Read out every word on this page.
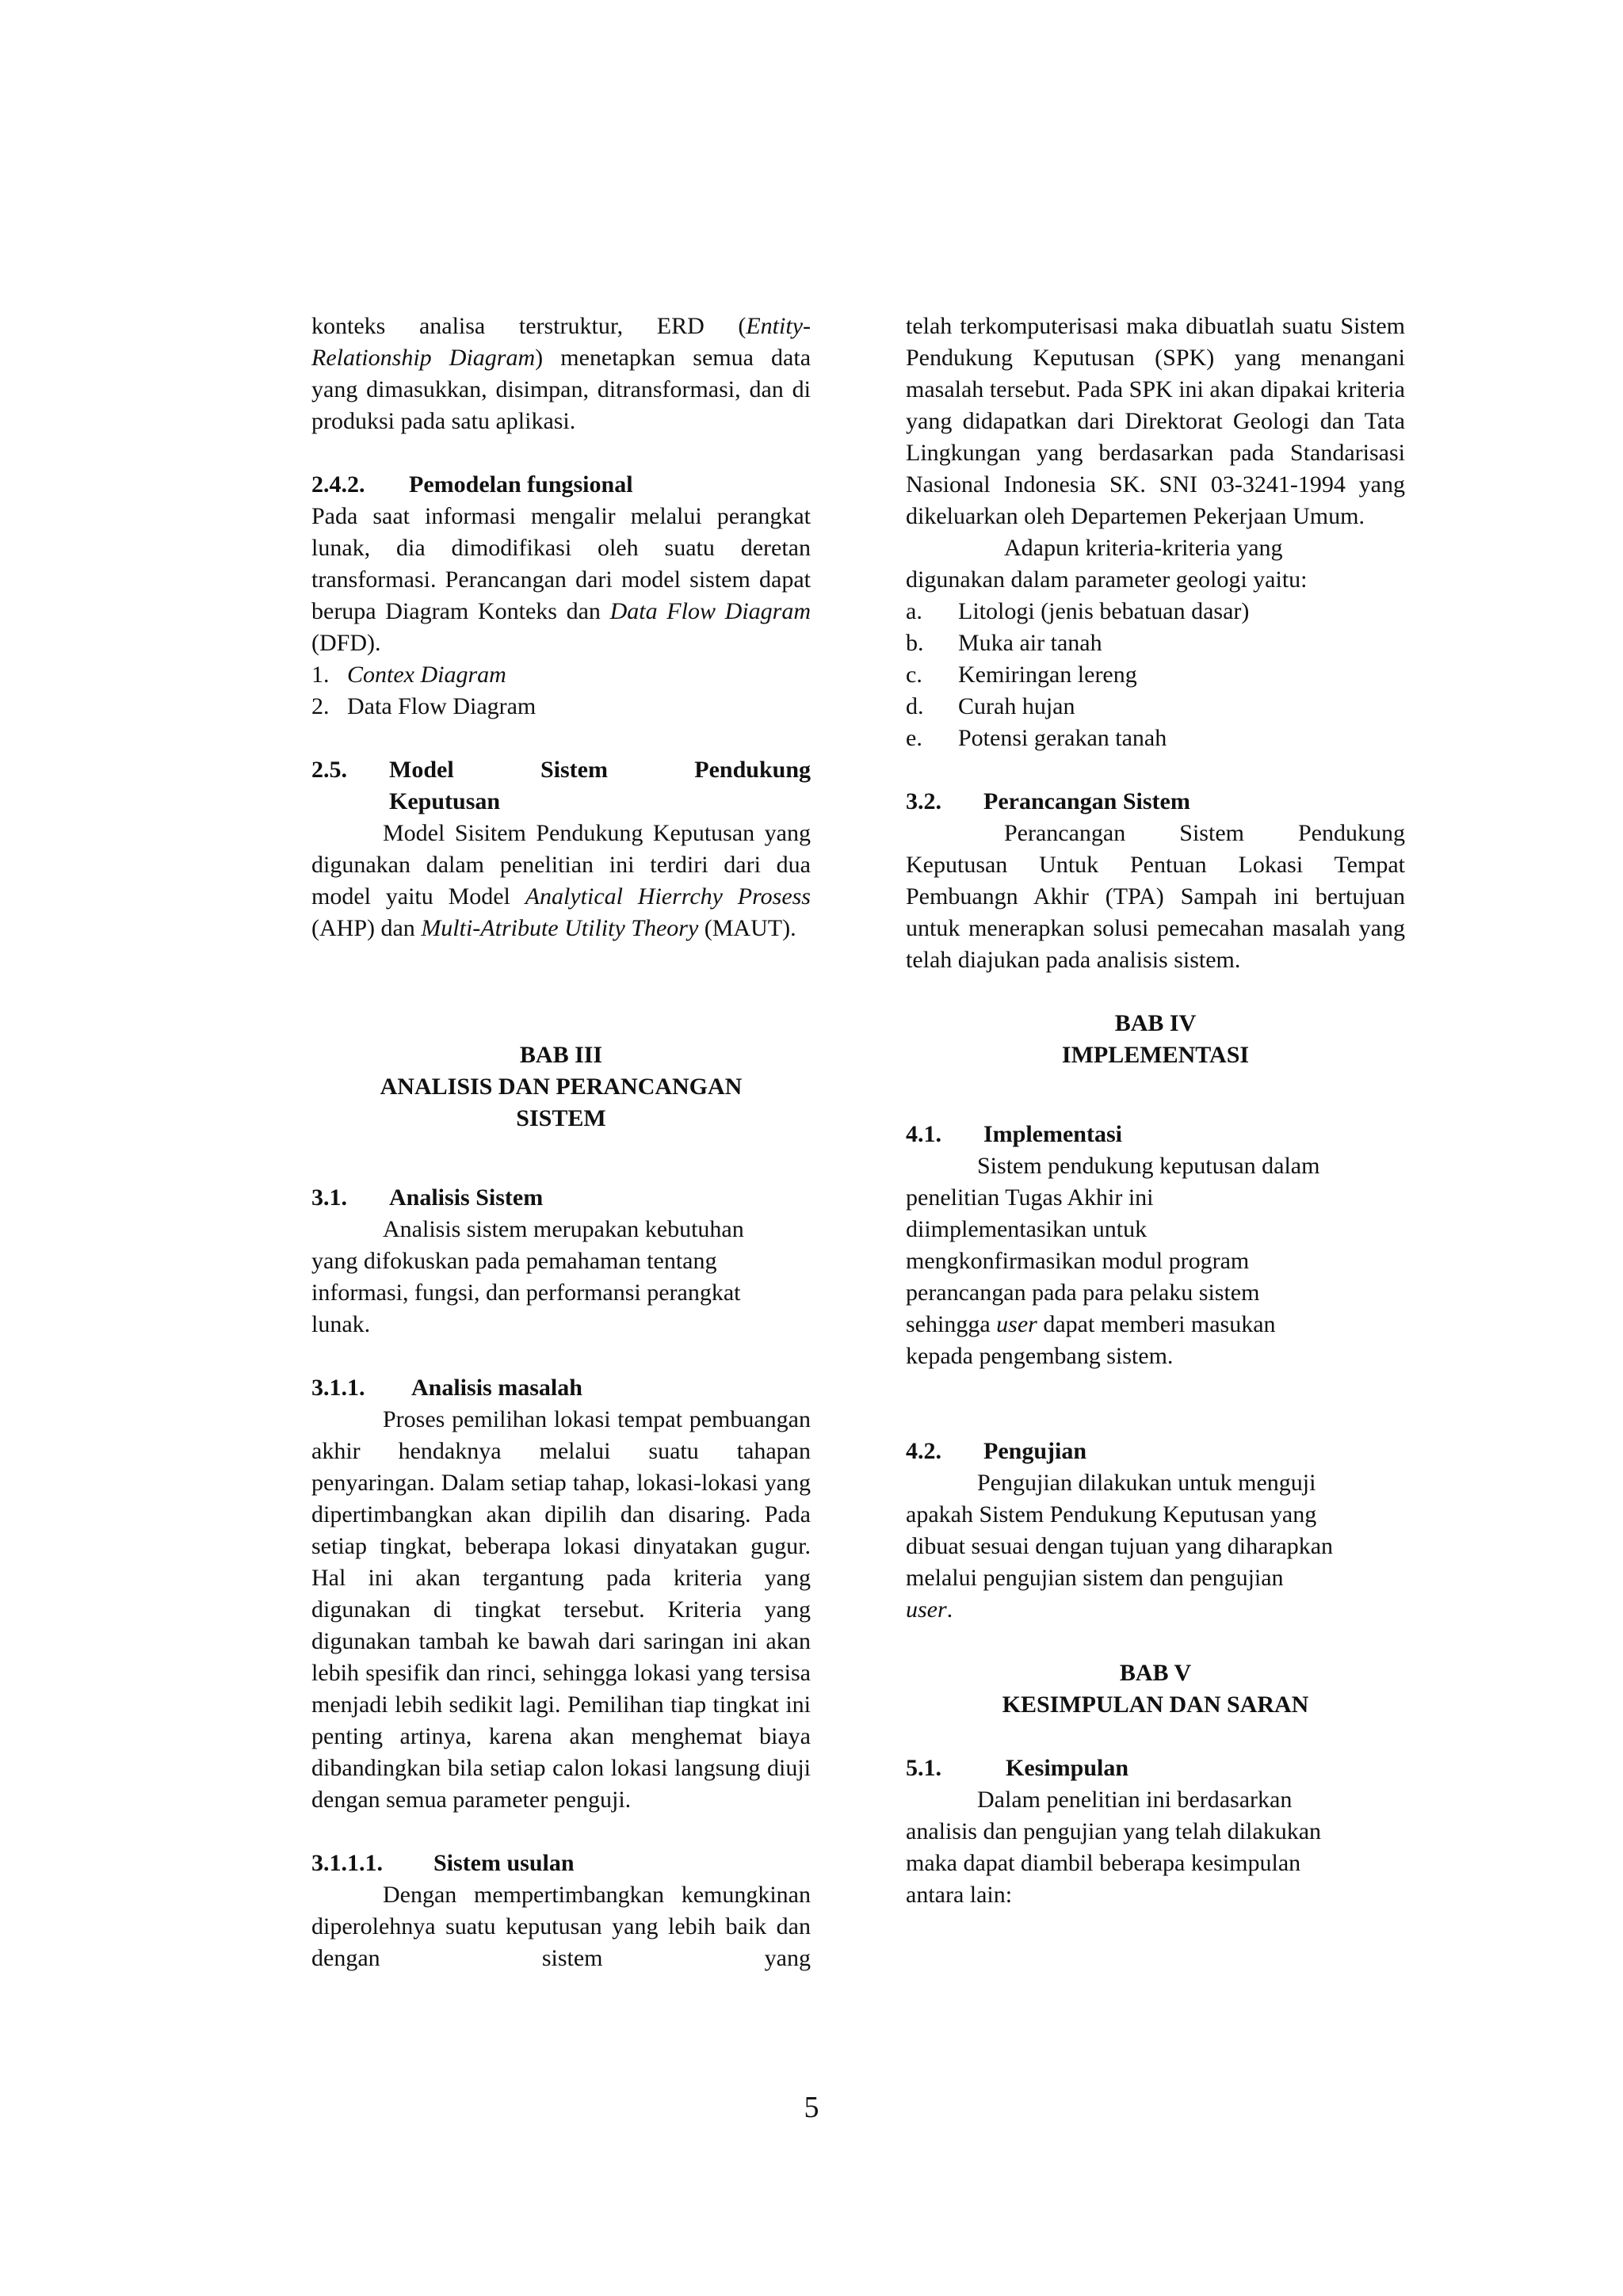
konteks analisa terstruktur, ERD (Entity-Relationship Diagram) menetapkan semua data yang dimasukkan, disimpan, ditransformasi, dan di produksi pada satu aplikasi.

2.4.2.	Pemodelan fungsional

Pada saat informasi mengalir melalui perangkat lunak, dia dimodifikasi oleh suatu deretan transformasi. Perancangan dari model sistem dapat berupa Diagram Konteks dan Data Flow Diagram (DFD).

1. Contex Diagram
2. Data Flow Diagram
2.5.	Model	Sistem	Pendukung
Keputusan

Model Sisitem Pendukung Keputusan yang digunakan dalam penelitian ini terdiri dari dua model yaitu Model Analytical Hierrchy Prosess (AHP) dan Multi-Atribute Utility Theory (MAUT).

BAB III
ANALISIS DAN PERANCANGAN
SISTEM
3.1.	Analisis Sistem

Analisis sistem merupakan kebutuhan yang difokuskan pada pemahaman tentang informasi, fungsi, dan performansi perangkat lunak.

3.1.1.	Analisis masalah

Proses pemilihan lokasi tempat pembuangan akhir hendaknya melalui suatu tahapan penyaringan. Dalam setiap tahap, lokasi-lokasi yang dipertimbangkan akan dipilih dan disaring. Pada setiap tingkat, beberapa lokasi dinyatakan gugur. Hal ini akan tergantung pada kriteria yang digunakan di tingkat tersebut. Kriteria yang digunakan tambah ke bawah dari saringan ini akan lebih spesifik dan rinci, sehingga lokasi yang tersisa menjadi lebih sedikit lagi. Pemilihan tiap tingkat ini penting artinya, karena akan menghemat biaya dibandingkan bila setiap calon lokasi langsung diuji dengan semua parameter penguji.

3.1.1.1.	Sistem usulan

Dengan mempertimbangkan kemungkinan diperolehnya suatu keputusan yang lebih baik dan dengan sistem yang

telah terkomputerisasi maka dibuatlah suatu Sistem Pendukung Keputusan (SPK) yang menangani masalah tersebut. Pada SPK ini akan dipakai kriteria yang didapatkan dari Direktorat Geologi dan Tata Lingkungan yang berdasarkan pada Standarisasi Nasional Indonesia SK. SNI 03-3241-1994 yang dikeluarkan oleh Departemen Pekerjaan Umum.

Adapun kriteria-kriteria yang
digunakan dalam parameter geologi yaitu:

a.	Litologi (jenis bebatuan dasar)
b.	Muka air tanah
c.	Kemiringan lereng
d.	Curah hujan
e.	Potensi gerakan tanah
3.2.	Perancangan Sistem

Perancangan Sistem Pendukung Keputusan Untuk Pentuan Lokasi Tempat Pembuangn Akhir (TPA) Sampah ini bertujuan untuk menerapkan solusi pemecahan masalah yang telah diajukan pada analisis sistem.

BAB IV
IMPLEMENTASI
4.1.	Implementasi
Sistem pendukung keputusan dalam
penelitian Tugas Akhir ini
diimplementasikan untuk
mengkonfirmasikan modul program
perancangan pada para pelaku sistem
sehingga user dapat memberi masukan
kepada pengembang sistem.
4.2.	Pengujian
Pengujian dilakukan untuk menguji
apakah Sistem Pendukung Keputusan yang
dibuat sesuai dengan tujuan yang diharapkan
melalui pengujian sistem dan pengujian
user.
BAB V
KESIMPULAN DAN SARAN
5.1.	Kesimpulan
Dalam penelitian ini berdasarkan
analisis dan pengujian yang telah dilakukan
maka dapat diambil beberapa kesimpulan
antara lain:
5
